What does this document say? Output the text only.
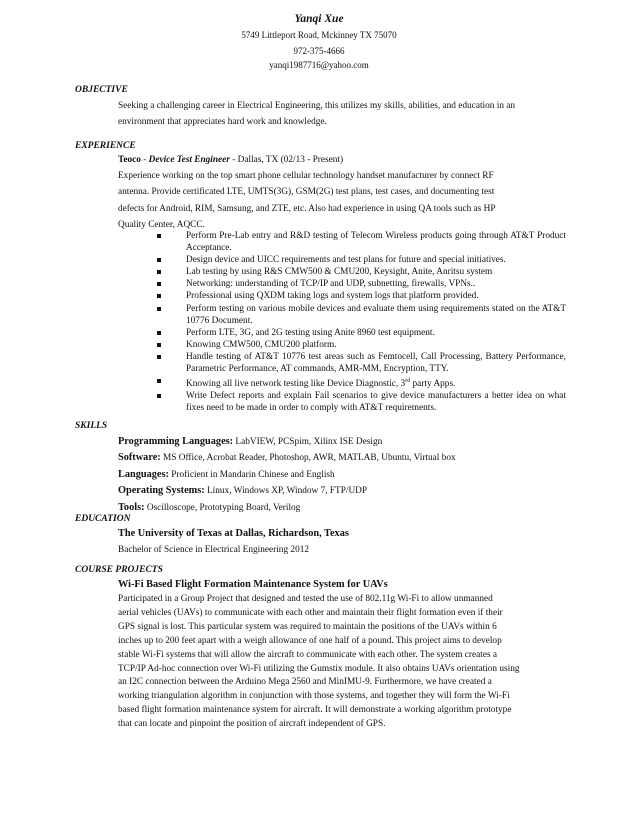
Yanqi Xue
5749 Littleport Road, Mckinney TX 75070
972-375-4666
yanqi1987716@yahoo.com
OBJECTIVE
Seeking a challenging career in Electrical Engineering, this utilizes my skills, abilities, and education in an
environment that appreciates hard work and knowledge.
EXPERIENCE
Teoco - Device Test Engineer - Dallas, TX (02/13 - Present)
Experience working on the top smart phone cellular technology handset manufacturer by connect RF
antenna. Provide certificated LTE, UMTS(3G), GSM(2G) test plans, test cases, and documenting test
defects for Android, RIM, Samsung, and ZTE, etc. Also had experience in using QA tools such as HP
Quality Center, AQCC.
Perform Pre-Lab entry and R&D testing of Telecom Wireless products going through AT&T Product Acceptance.
Design device and UICC requirements and test plans for future and special initiatives.
Lab testing by using R&S CMW500 & CMU200, Keysight, Anite, Anritsu system
Networking: understanding of TCP/IP and UDP, subnetting, firewalls, VPNs..
Professional using QXDM taking logs and system logs that platform provided.
Perform testing on various mobile devices and evaluate them using requirements stated on the AT&T 10776 Document.
Perform LTE, 3G, and 2G testing using Anite 8960 test equipment.
Knowing CMW500, CMU200 platform.
Handle testing of AT&T 10776 test areas such as Femtocell, Call Processing, Battery Performance, Parametric Performance, AT commands, AMR-MM, Encryption, TTY.
Knowing all live network testing like Device Diagnostic, 3rd party Apps.
Write Defect reports and explain Fail scenarios to give device manufacturers a better idea on what fixes need to be made in order to comply with AT&T requirements.
SKILLS
Programming Languages: LabVIEW, PCSpim, Xilinx ISE Design
Software: MS Office, Acrobat Reader, Photoshop, AWR, MATLAB, Ubuntu, Virtual box
Languages: Proficient in Mandarin Chinese and English
Operating Systems: Linux, Windows XP, Window 7, FTP/UDP
Tools: Oscilloscope, Prototyping Board, Verilog
EDUCATION
The University of Texas at Dallas, Richardson, Texas
Bachelor of Science in Electrical Engineering 2012
COURSE PROJECTS
Wi-Fi Based Flight Formation Maintenance System for UAVs
Participated in a Group Project that designed and tested the use of 802.11g Wi-Fi to allow unmanned
aerial vehicles (UAVs) to communicate with each other and maintain their flight formation even if their
GPS signal is lost. This particular system was required to maintain the positions of the UAVs within 6
inches up to 200 feet apart with a weigh allowance of one half of a pound. This project aims to develop
stable Wi-Fi systems that will allow the aircraft to communicate with each other. The system creates a
TCP/IP Ad-hoc connection over Wi-Fi utilizing the Gumstix module. It also obtains UAVs orientation using
an I2C connection between the Arduino Mega 2560 and MinIMU-9. Furthermore, we have created a
working triangulation algorithm in conjunction with those systems, and together they will form the Wi-Fi
based flight formation maintenance system for aircraft. It will demonstrate a working algorithm prototype
that can locate and pinpoint the position of aircraft independent of GPS.
